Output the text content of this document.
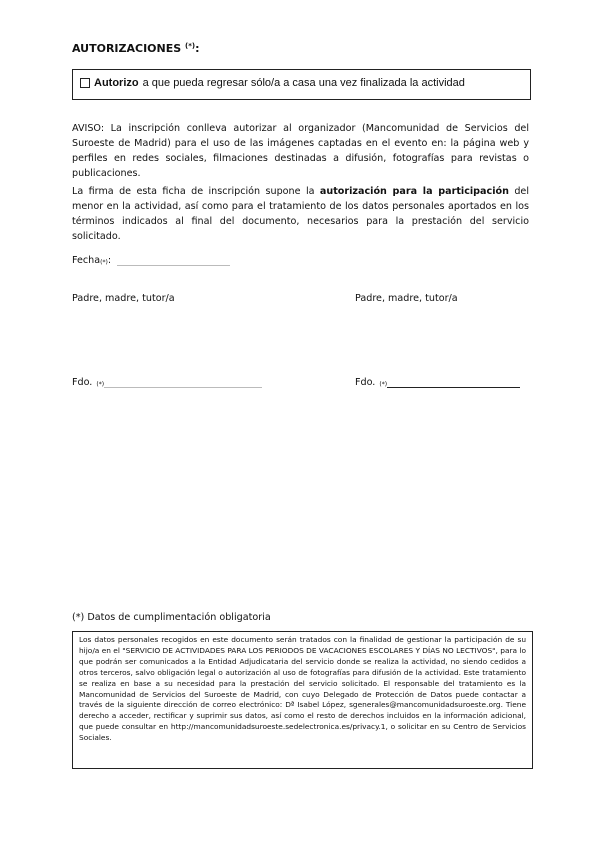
AUTORIZACIONES (*):
Autorizo a que pueda regresar sólo/a a casa una vez finalizada la actividad
AVISO: La inscripción conlleva autorizar al organizador (Mancomunidad de Servicios del Suroeste de Madrid) para el uso de las imágenes captadas en el evento en: la página web y perfiles en redes sociales, filmaciones destinadas a difusión, fotografías para revistas o publicaciones.
La firma de esta ficha de inscripción supone la autorización para la participación del menor en la actividad, así como para el tratamiento de los datos personales aportados en los términos indicados al final del documento, necesarios para la prestación del servicio solicitado.
Fecha$_{(*)}$ :
Padre, madre, tutor/a	Padre, madre, tutor/a
Fdo. $_{(*)}$	Fdo. $_{(*)}$
(*) Datos de cumplimentación obligatoria
Los datos personales recogidos en este documento serán tratados con la finalidad de gestionar la participación de su hijo/a en el "SERVICIO DE ACTIVIDADES PARA LOS PERIODOS DE VACACIONES ESCOLARES Y DÍAS NO LECTIVOS", para lo que podrán ser comunicados a la Entidad Adjudicataria del servicio donde se realiza la actividad, no siendo cedidos a otros terceros, salvo obligación legal o autorización al uso de fotografías para difusión de la actividad. Este tratamiento se realiza en base a su necesidad para la prestación del servicio solicitado. El responsable del tratamiento es la Mancomunidad de Servicios del Suroeste de Madrid, con cuyo Delegado de Protección de Datos puede contactar a través de la siguiente dirección de correo electrónico: Dª Isabel López, sgenerales@mancomunidadsuroeste.org. Tiene derecho a acceder, rectificar y suprimir sus datos, así como el resto de derechos incluidos en la información adicional, que puede consultar en http://mancomunidadsuroeste.sedelectronica.es/privacy.1, o solicitar en su Centro de Servicios Sociales.
